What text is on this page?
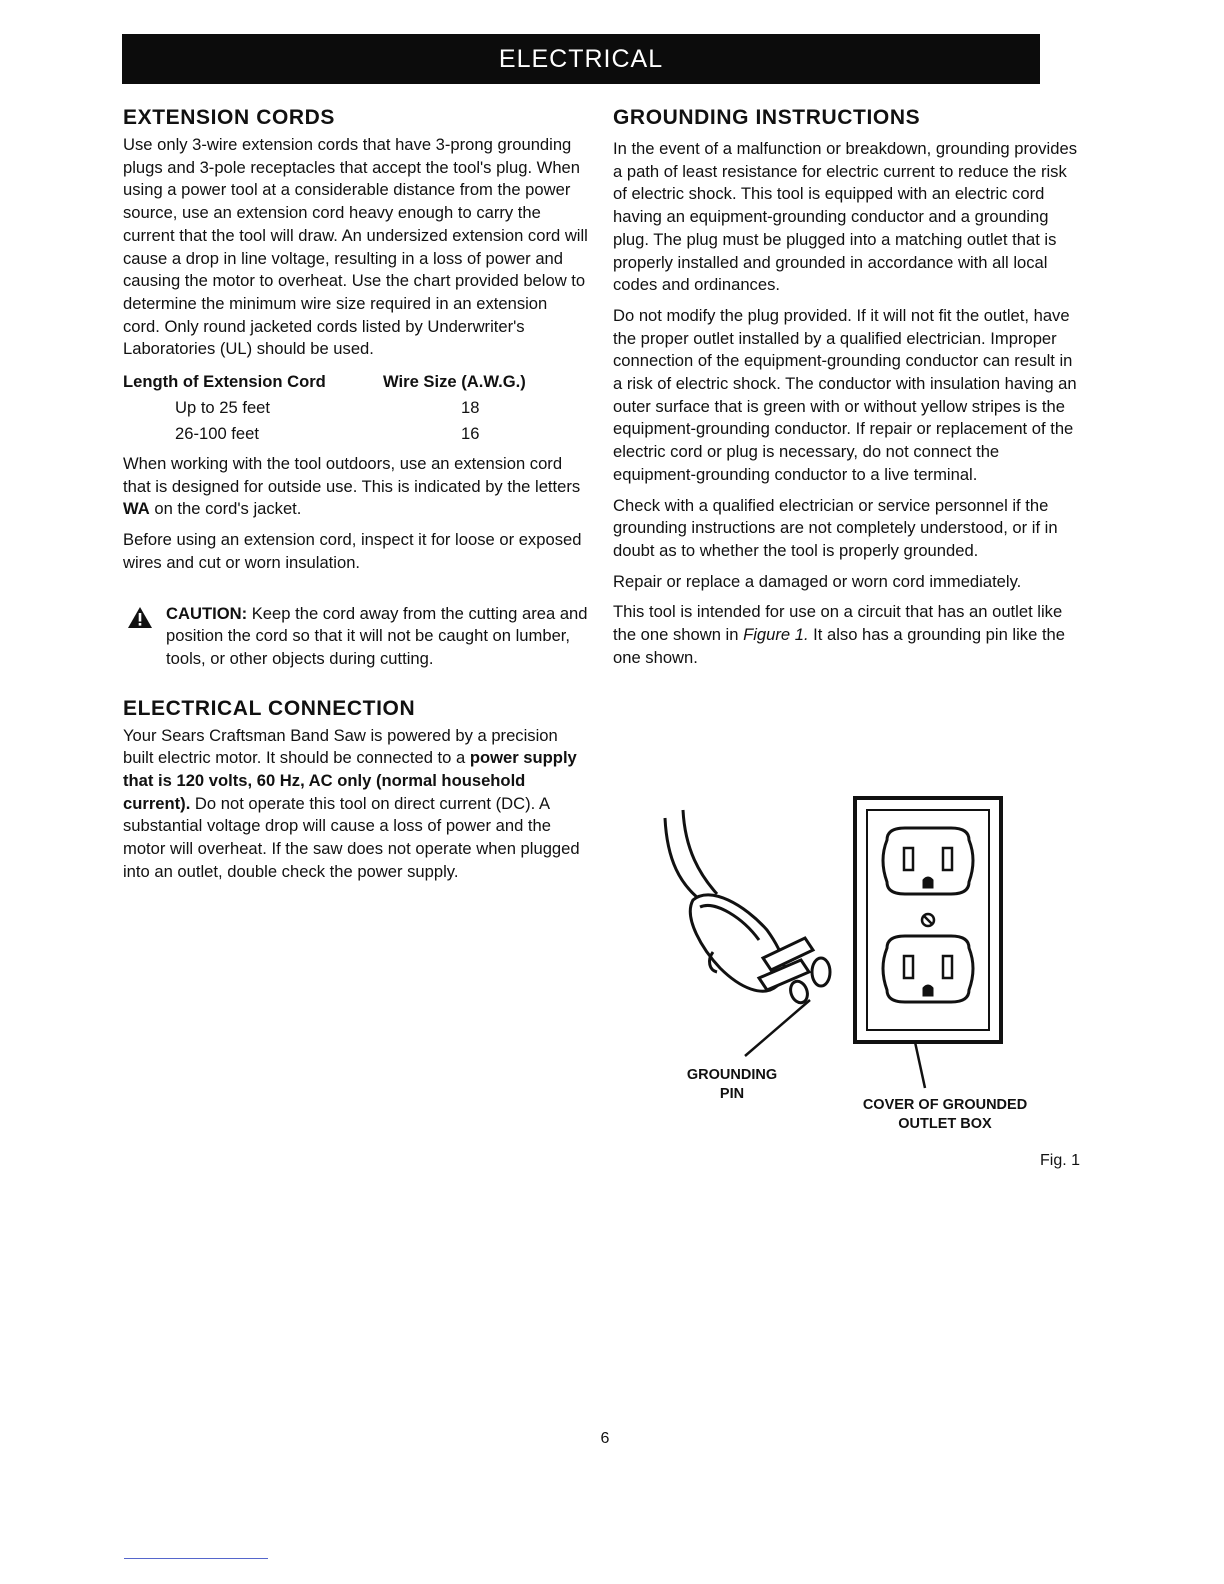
ELECTRICAL
EXTENSION CORDS

Use only 3-wire extension cords that have 3-prong grounding plugs and 3-pole receptacles that accept the tool's plug. When using a power tool at a considerable distance from the power source, use an extension cord heavy enough to carry the current that the tool will draw. An undersized extension cord will cause a drop in line voltage, resulting in a loss of power and causing the motor to overheat. Use the chart provided below to determine the minimum wire size required in an extension cord. Only round jacketed cords listed by Underwriter's Laboratories (UL) should be used.

Length of Extension Cord	Wire Size (A.W.G.)
Up to 25 feet	18
26-100 feet	16

When working with the tool outdoors, use an extension cord that is designed for outside use. This is indicated by the letters WA on the cord's jacket.

Before using an extension cord, inspect it for loose or exposed wires and cut or worn insulation.

CAUTION: Keep the cord away from the cutting area and position the cord so that it will not be caught on lumber, tools, or other objects during cutting.
ELECTRICAL CONNECTION

Your Sears Craftsman Band Saw is powered by a precision built electric motor. It should be connected to a power supply that is 120 volts, 60 Hz, AC only (normal household current). Do not operate this tool on direct current (DC). A substantial voltage drop will cause a loss of power and the motor will overheat. If the saw does not operate when plugged into an outlet, double check the power supply.

GROUNDING INSTRUCTIONS

In the event of a malfunction or breakdown, grounding provides a path of least resistance for electric current to reduce the risk of electric shock. This tool is equipped with an electric cord having an equipment-grounding conductor and a grounding plug. The plug must be plugged into a matching outlet that is properly installed and grounded in accordance with all local codes and ordinances.

Do not modify the plug provided. If it will not fit the outlet, have the proper outlet installed by a qualified electrician. Improper connection of the equipment-grounding conductor can result in a risk of electric shock. The conductor with insulation having an outer surface that is green with or without yellow stripes is the equipment-grounding conductor. If repair or replacement of the electric cord or plug is necessary, do not connect the equipment-grounding conductor to a live terminal.

Check with a qualified electrician or service personnel if the grounding instructions are not completely understood, or if in doubt as to whether the tool is properly grounded.

Repair or replace a damaged or worn cord immediately.

This tool is intended for use on a circuit that has an outlet like the one shown in Figure 1. It also has a grounding pin like the one shown.

GROUNDING
PIN
COVER OF GROUNDED
OUTLET BOX
Fig. 1
6
